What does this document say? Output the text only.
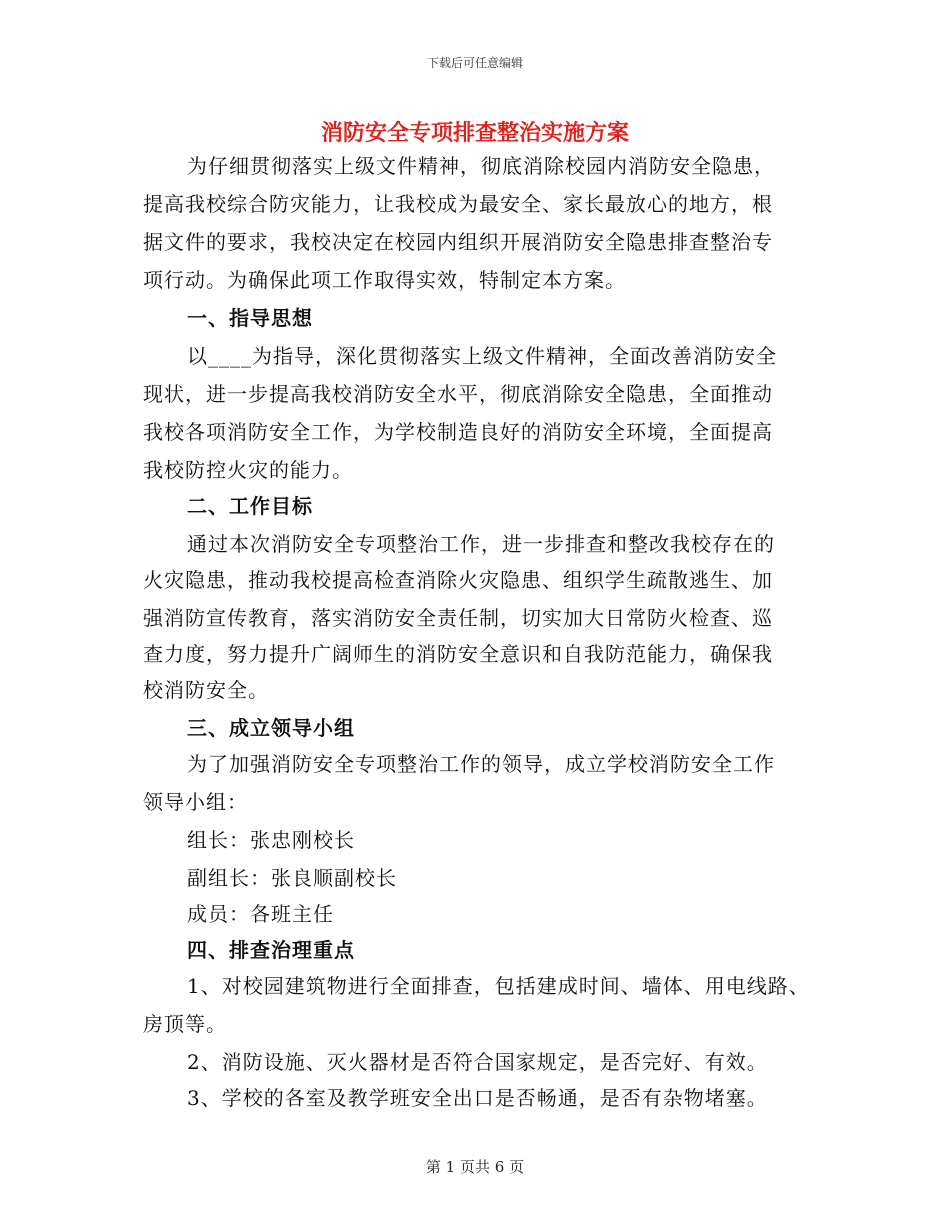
下载后可任意编辑
消防安全专项排查整治实施方案
为仔细贯彻落实上级文件精神，彻底消除校园内消防安全隐患，
提高我校综合防灾能力，让我校成为最安全、家长最放心的地方，根
据文件的要求，我校决定在校园内组织开展消防安全隐患排查整治专
项行动。为确保此项工作取得实效，特制定本方案。
一、指导思想
以____为指导，深化贯彻落实上级文件精神，全面改善消防安全
现状，进一步提高我校消防安全水平，彻底消除安全隐患，全面推动
我校各项消防安全工作，为学校制造良好的消防安全环境，全面提高
我校防控火灾的能力。
二、工作目标
通过本次消防安全专项整治工作，进一步排查和整改我校存在的
火灾隐患，推动我校提高检查消除火灾隐患、组织学生疏散逃生、加
强消防宣传教育，落实消防安全责任制，切实加大日常防火检查、巡
查力度，努力提升广阔师生的消防安全意识和自我防范能力，确保我
校消防安全。
三、成立领导小组
为了加强消防安全专项整治工作的领导，成立学校消防安全工作
领导小组：
组长：张忠刚校长
副组长：张良顺副校长
成员：各班主任
四、排查治理重点
1、对校园建筑物进行全面排查，包括建成时间、墙体、用电线路、
房顶等。
2、消防设施、灭火器材是否符合国家规定，是否完好、有效。
3、学校的各室及教学班安全出口是否畅通，是否有杂物堵塞。
第 1 页共 6 页
